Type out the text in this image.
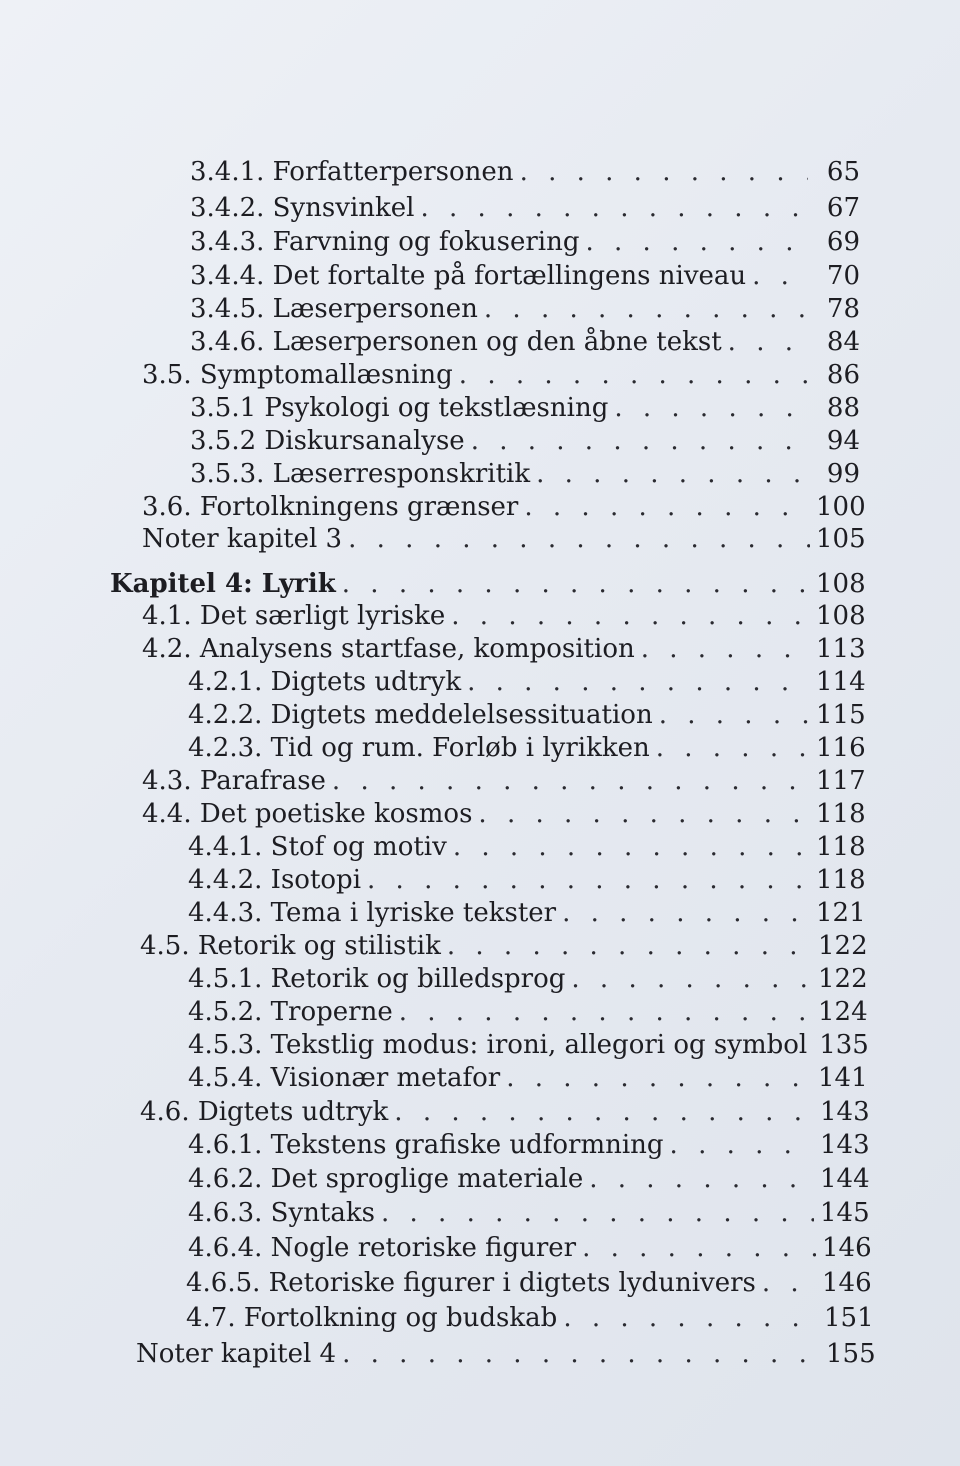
3.4.1. Forfatterpersonen . . .	65
3.4.2. Synsvinkel . . .	67
3.4.3. Farvning og fokusering . . .	69
3.4.4. Det fortalte på fortællingens niveau . . .	70
3.4.5. Læserpersonen . . .	78
3.4.6. Læserpersonen og den åbne tekst . . .	84
3.5. Symptomallæsning . . .	86
3.5.1 Psykologi og tekstlæsning . . .	88
3.5.2 Diskursanalyse . . .	94
3.5.3. Læserresponskritik . . .	99
3.6. Fortolkningens grænser . . .	100
Noter kapitel 3 . . .	105
Kapitel 4: Lyrik . . .	108
4.1. Det særligt lyriske . . .	108
4.2. Analysens startfase, komposition . . .	113
4.2.1. Digtets udtryk . . .	114
4.2.2. Digtets meddelelsessituation . . .	115
4.2.3. Tid og rum. Forløb i lyrikken . . .	116
4.3. Parafrase . . .	117
4.4. Det poetiske kosmos . . .	118
4.4.1. Stof og motiv . . .	118
4.4.2. Isotopi . . .	118
4.4.3. Tema i lyriske tekster . . .	121
4.5. Retorik og stilistik . . .	122
4.5.1. Retorik og billedsprog . . .	122
4.5.2. Troperne . . .	124
4.5.3. Tekstlig modus: ironi, allegori og symbol 135
4.5.4. Visionær metafor . . .	141
4.6. Digtets udtryk . . .	143
4.6.1. Tekstens grafiske udformning . . .	143
4.6.2. Det sproglige materiale . . .	144
4.6.3. Syntaks . . .	145
4.6.4. Nogle retoriske figurer . . .	146
4.6.5. Retoriske figurer i digtets lydunivers . . .	146
4.7. Fortolkning og budskab . . .	151
Noter kapitel 4 . . .	155
